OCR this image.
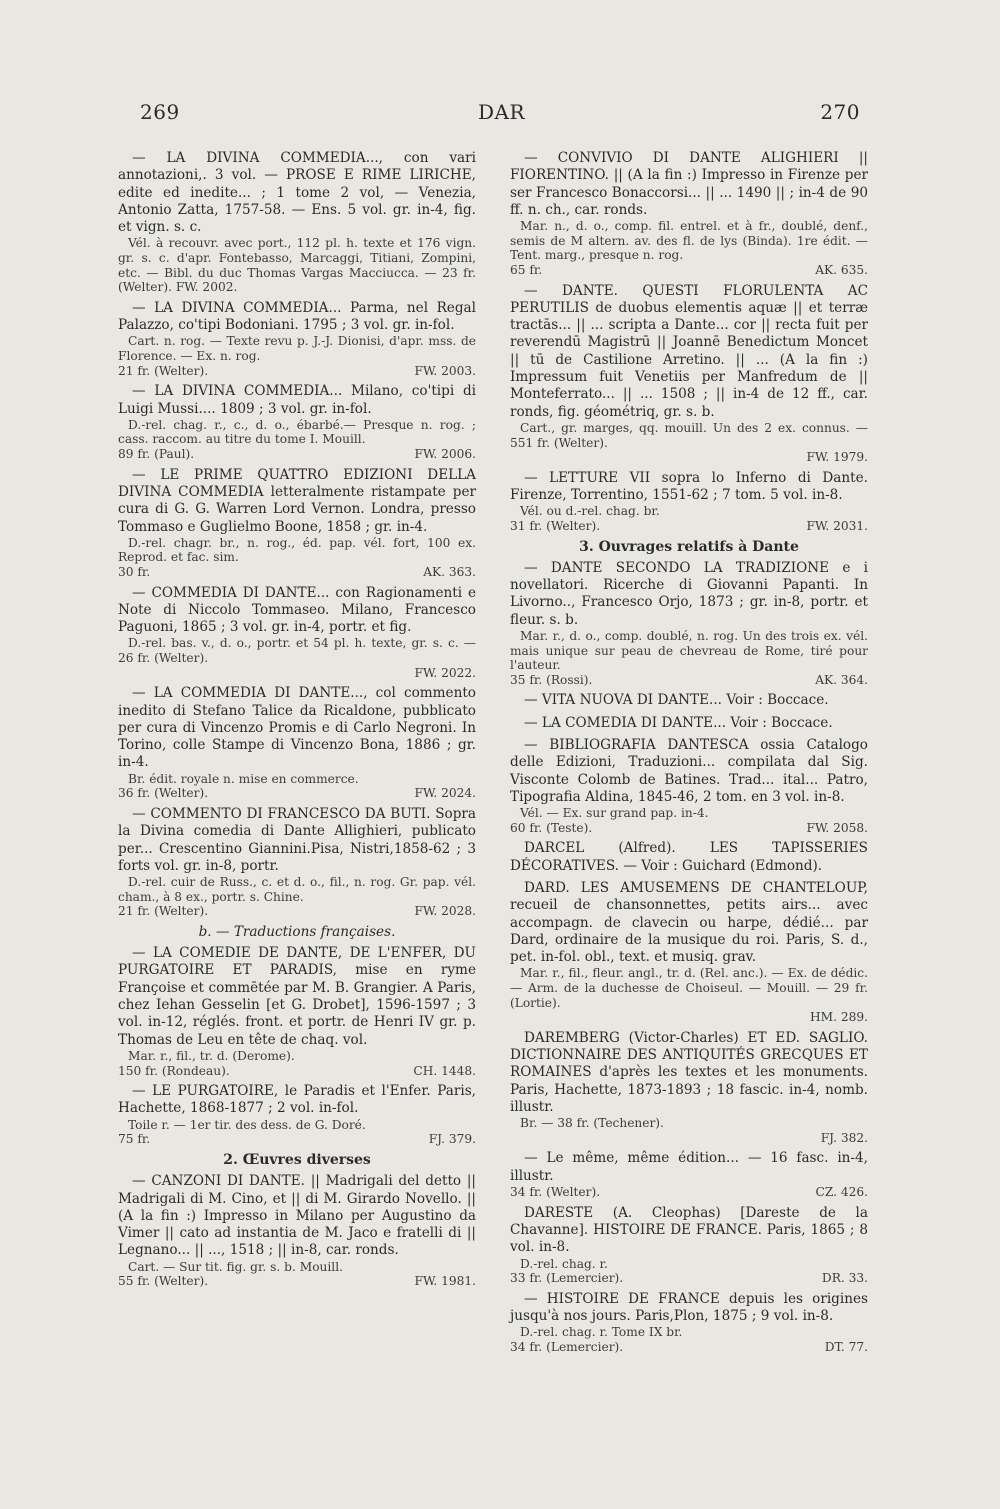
269	DAR	270

— LA DIVINA COMMEDIA..., con vari annotazioni,. 3 vol. — PROSE E RIME LIRICHE, edite ed inedite... ; 1 tome 2 vol, — Venezia, Antonio Zatta, 1757-58. — Ens. 5 vol. gr. in-4, fig. et vign. s. c.

Vél. à recouvr. avec port., 112 pl. h. texte et 176 vign. gr. s. c. d'apr. Fontebasso, Marcaggi, Titiani, Zompini, etc. — Bibl. du duc Thomas Vargas Macciucca. — 23 fr. (Welter). FW. 2002.

— LA DIVINA COMMEDIA... Parma, nel Regal Palazzo, co'tipi Bodoniani. 1795 ; 3 vol. gr. in-fol.

Cart. n. rog. — Texte revu p. J.-J. Dionisi, d'apr. mss. de Florence. — Ex. n. rog.

21 fr. (Welter).	FW. 2003.

— LA DIVINA COMMEDIA... Milano, co'tipi di Luigi Mussi.... 1809 ; 3 vol. gr. in-fol.

D.-rel. chag. r., c., d. o., ébarbé.— Presque n. rog. ; cass. raccom. au titre du tome I. Mouill.

89 fr. (Paul).	FW. 2006.

— LE PRIME QUATTRO EDIZIONI DELLA DIVINA COMMEDIA letteralmente ristampate per cura di G. G. Warren Lord Vernon. Londra, presso Tommaso e Guglielmo Boone, 1858 ; gr. in-4.

D.-rel. chagr. br., n. rog., éd. pap. vél. fort, 100 ex. Reprod. et fac. sim.

30 fr.	AK. 363.

— COMMEDIA DI DANTE... con Ragionamenti e Note di Niccolo Tommaseo. Milano, Francesco Paguoni, 1865 ; 3 vol. gr. in-4, portr. et fig.

D.-rel. bas. v., d. o., portr. et 54 pl. h. texte, gr. s. c. — 26 fr. (Welter).

FW. 2022.

— LA COMMEDIA DI DANTE..., col commento inedito di Stefano Talice da Ricaldone, pubblicato per cura di Vincenzo Promis e di Carlo Negroni. In Torino, colle Stampe di Vincenzo Bona, 1886 ; gr. in-4.

Br. édit. royale n. mise en commerce.

36 fr. (Welter).	FW. 2024.

— COMMENTO DI FRANCESCO DA BUTI. Sopra la Divina comedia di Dante Allighieri, publicato per... Crescentino Giannini.Pisa, Nistri,1858-62 ; 3 forts vol. gr. in-8, portr.

D.-rel. cuir de Russ., c. et d. o., fil., n. rog. Gr. pap. vél. cham., à 8 ex., portr. s. Chine.

21 fr. (Welter).	FW. 2028.
b. — Traductions françaises.

— LA COMEDIE DE DANTE, DE L'ENFER, DU PURGATOIRE ET PARADIS, mise en ryme Françoise et commētée par M. B. Grangier. A Paris, chez Iehan Gesselin [et G. Drobet], 1596-1597 ; 3 vol. in-12, réglés. front. et portr. de Henri IV gr. p. Thomas de Leu en tête de chaq. vol.

Mar. r., fil., tr. d. (Derome).

150 fr. (Rondeau).	CH. 1448.

— LE PURGATOIRE, le Paradis et l'Enfer. Paris, Hachette, 1868-1877 ; 2 vol. in-fol.

Toile r. — 1er tir. des dess. de G. Doré.

75 fr.	FJ. 379.
2. Œuvres diverses

— CANZONI DI DANTE. || Madrigali del detto || Madrigali di M. Cino, et || di M. Girardo Novello. || (A la fin :) Impresso in Milano per Augustino da Vimer || cato ad instantia de M. Jaco e fratelli di || Legnano... || ..., 1518 ; || in-8, car. ronds.

Cart. — Sur tit. fig. gr. s. b. Mouill.

55 fr. (Welter).	FW. 1981.

— CONVIVIO DI DANTE ALIGHIERI || FIORENTINO. || (A la fin :) Impresso in Firenze per ser Francesco Bonaccorsi... || ... 1490 || ; in-4 de 90 ff. n. ch., car. ronds.

Mar. n., d. o., comp. fil. entrel. et à fr., doublé, denf., semis de M altern. av. des fl. de lys (Binda). 1re édit. — Tent. marg., presque n. rog.

65 fr.	AK. 635.

— DANTE. QUESTI FLORULENTA AC PERUTILIS de duobus elementis aquæ || et terræ tractās... || ... scripta a Dante... cor || recta fuit per reverendū Magistrū || Joannē Benedictum Moncet || tū de Castilione Arretino. || ... (A la fin :) Impressum fuit Venetiis per Manfredum de || Monteferrato... || ... 1508 ; || in-4 de 12 ff., car. ronds, fig. géométriq, gr. s. b.

Cart., gr. marges, qq. mouill. Un des 2 ex. connus. — 551 fr. (Welter).

FW. 1979.

— LETTURE VII sopra lo Inferno di Dante. Firenze, Torrentino, 1551-62 ; 7 tom. 5 vol. in-8.

Vél. ou d.-rel. chag. br.

31 fr. (Welter).	FW. 2031.
3. Ouvrages relatifs à Dante

— DANTE SECONDO LA TRADIZIONE e i novellatori. Ricerche di Giovanni Papanti. In Livorno.., Francesco Orjo, 1873 ; gr. in-8, portr. et fleur. s. b.

Mar. r., d. o., comp. doublé, n. rog. Un des trois ex. vél. mais unique sur peau de chevreau de Rome, tiré pour l'auteur.

35 fr. (Rossi).	AK. 364.

— VITA NUOVA DI DANTE... Voir : Boccace.

— LA COMEDIA DI DANTE... Voir : Boccace.

— BIBLIOGRAFIA DANTESCA ossia Catalogo delle Edizioni, Traduzioni... compilata dal Sig. Visconte Colomb de Batines. Trad... ital... Patro, Tipografia Aldina, 1845-46, 2 tom. en 3 vol. in-8.

Vél. — Ex. sur grand pap. in-4.

60 fr. (Teste).	FW. 2058.

DARCEL (Alfred). LES TAPISSERIES DÉCORATIVES. — Voir : Guichard (Edmond).

DARD. LES AMUSEMENS DE CHANTELOUP, recueil de chansonnettes, petits airs... avec accompagn. de clavecin ou harpe, dédié... par Dard, ordinaire de la musique du roi. Paris, S. d., pet. in-fol. obl., text. et musiq. grav.

Mar. r., fil., fleur. angl., tr. d. (Rel. anc.). — Ex. de dédic. — Arm. de la duchesse de Choiseul. — Mouill. — 29 fr. (Lortie).

HM. 289.

DAREMBERG (Victor-Charles) ET ED. SAGLIO. DICTIONNAIRE DES ANTIQUITÉS GRECQUES ET ROMAINES d'après les textes et les monuments. Paris, Hachette, 1873-1893 ; 18 fascic. in-4, nomb. illustr.

Br. — 38 fr. (Techener).

FJ. 382.

— Le même, même édition... — 16 fasc. in-4, illustr.

34 fr. (Welter).	CZ. 426.

DARESTE (A. Cleophas) [Dareste de la Chavanne]. HISTOIRE DE FRANCE. Paris, 1865 ; 8 vol. in-8.

D.-rel. chag. r.

33 fr. (Lemercier).	DR. 33.

— HISTOIRE DE FRANCE depuis les origines jusqu'à nos jours. Paris,Plon, 1875 ; 9 vol. in-8.

D.-rel. chag. r. Tome IX br.

34 fr. (Lemercier).	DT. 77.
